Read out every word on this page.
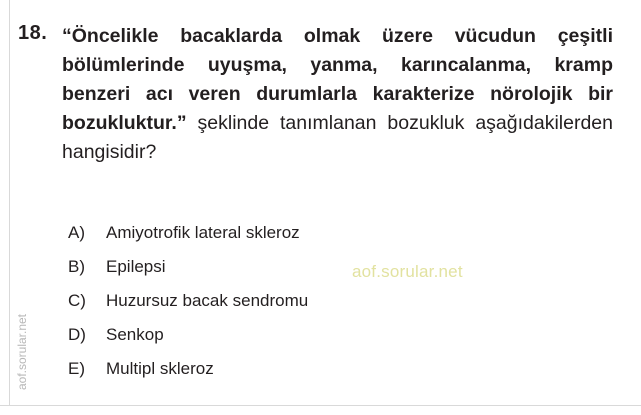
18. “Öncelikle bacaklarda olmak üzere vücudun çeşitli bölümlerinde uyuşma, yanma, karıncalanma, kramp benzeri acı veren durumlarla karakterize nörolojik bir bozukluktur.” şeklinde tanımlanan bozukluk aşağıdakilerden hangisidir?
A)	Amiyotrofik lateral skleroz
B)	Epilepsi
C)	Huzursuz bacak sendromu
D)	Senkop
E)	Multipl skleroz
aof.sorular.net
aof.sorular.net
